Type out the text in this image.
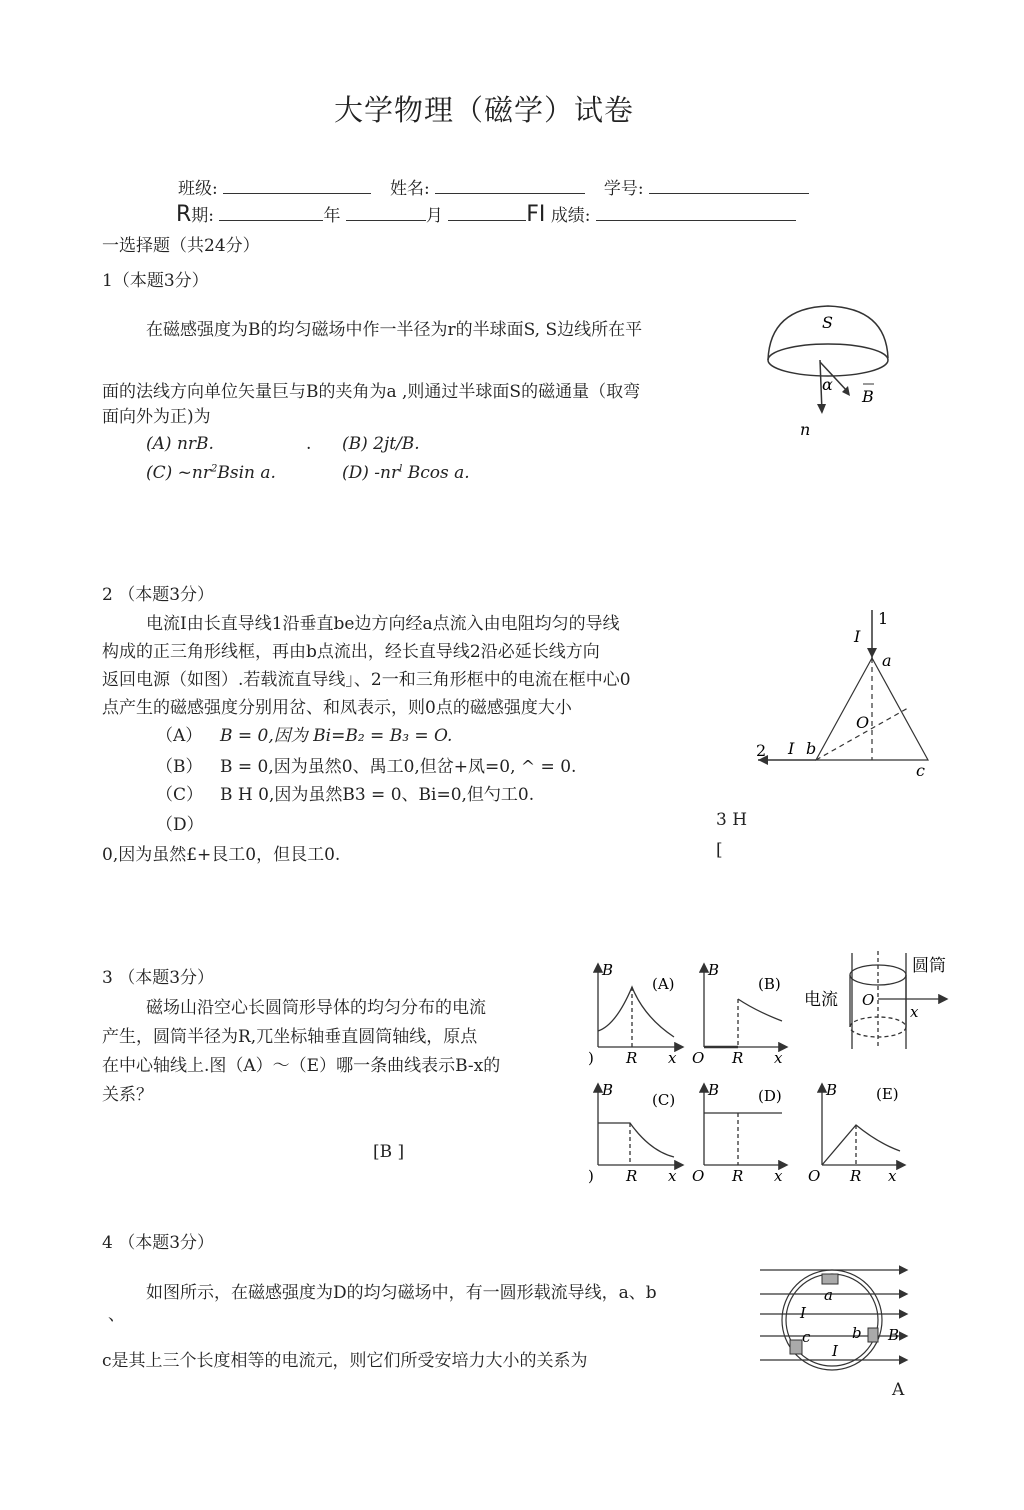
大学物理（磁学）试卷
班级:	姓名:	学号:
R期:	年	月	FI 成绩:
一选择题（共24分）
1（本题3分）
在磁感强度为B的均匀磁场中作一半径为r的半球面S, S边线所在平
面的法线方向单位矢量巨与B的夹角为a ,则通过半球面S的磁通量（取弯
面向外为正)为
(A) nrB.	. (B) 2jt/B.
(C) $\sim nr^2Bsin$ a.	(D) $-nr^l$ Bcos a.
S
α
B
n
2 （本题3分）
电流I由长直导线1沿垂直be边方向经a点流入由电阻均匀的导线
构成的正三角形线框，再由b点流出，经长直导线2沿必延长线方向
返回电源（如图）.若载流直导线」、2一和三角形框中的电流在框中心0
点产生的磁感强度分别用岔、和凤表示，则0点的磁感强度大小
（A） B = 0,因为 Bi=B₂ = B₃ = O.
（B） B = 0,因为虽然0、禺工0,但岔+凤=0, ^ = 0.
（C） B H 0,因为虽然B3 = 0、Bi=0,但勺工0.
（D）	3 H
0,因为虽然£+艮工0，但艮工0.	[
1
I
a
O
2 I b
c
3 （本题3分）
磁场山沿空心长圆筒形导体的均匀分布的电流
产生，圆筒半径为R,兀坐标轴垂直圆筒轴线，原点
在中心轴线上.图（A）～（E）哪一条曲线表示B-x的
关系？
[B ]
B
(A)
) R x
B
(B)
O R x
B
(C)
) R x
B	(D)
O R x
B	(E)
O R x
圆筒
电流 O
x
4 （本题3分）
如图所示，在磁感强度为D的均匀磁场中，有一圆形载流导线，a、b
、
c是其上三个长度相等的电流元，则它们所受安培力大小的关系为
A
a
I
b B
c
I
